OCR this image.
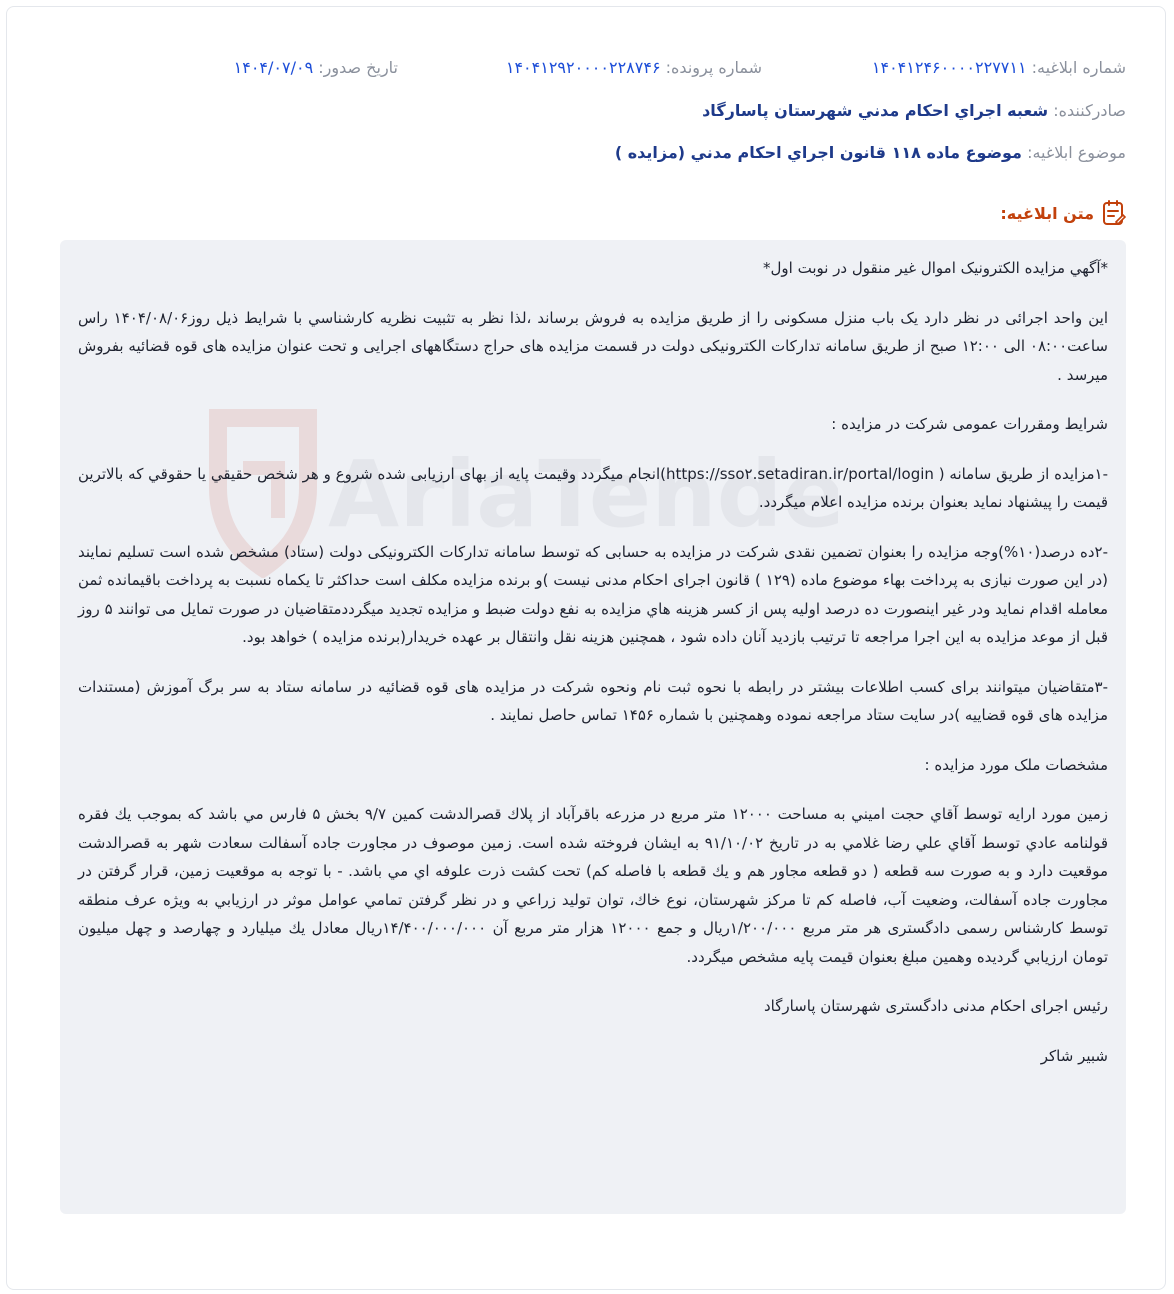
شماره ابلاغیه: ۱۴۰۴۱۲۴۶۰۰۰۰۲۲۷۷۱۱
شماره پرونده: ۱۴۰۴۱۲۹۲۰۰۰۰۲۲۸۷۴۶
تاریخ صدور: ۱۴۰۴/۰۷/۰۹
صادرکننده: شعبه اجراي احکام مدني شهرستان پاسارگاد
موضوع ابلاغیه: موضوع ماده ۱۱۸ قانون اجراي احکام مدني (مزایده )
متن ابلاغیه:
AriaTende

*آگهي مزایده الکترونیک اموال غیر منقول در نوبت اول*

این واحد اجرائی در نظر دارد یک باب منزل مسکونی را از طریق مزایده به فروش برساند ،لذا نظر به تثبیت نظریه کارشناسي با شرایط ذیل روز۱۴۰۴/۰۸/۰۶ راس ساعت۰۸:۰۰ الی ۱۲:۰۰ صبح از طریق سامانه تدارکات الکترونیکی دولت در قسمت مزایده های حراج دستگاههای اجرایی و تحت عنوان مزایده های قوه قضائیه بفروش میرسد .

شرایط ومقررات عمومی شرکت در مزایده :

-۱مزایده از طریق سامانه ( https://sso۲.setadiran.ir/portal/login)انجام میگردد وقیمت پایه از بهای ارزیابی شده شروع و هر شخص حقیقي یا حقوقي که بالاترین قیمت را پیشنهاد نماید بعنوان برنده مزایده اعلام میگردد.

-۲ده درصد(۱۰%)وجه مزایده را بعنوان تضمین نقدی شرکت در مزایده به حسابی که توسط سامانه تدارکات الکترونیکی دولت (ستاد) مشخص شده است تسلیم نمایند (در این صورت نیازی به پرداخت بهاء موضوع ماده (۱۲۹ ) قانون اجرای احکام مدنی نیست )و برنده مزایده مکلف است حداکثر تا یکماه نسبت به پرداخت باقیمانده ثمن معامله اقدام نماید ودر غیر اینصورت ده درصد اولیه پس از کسر هزینه هاي مزایده به نفع دولت ضبط و مزایده تجدید میگرددمتقاضیان در صورت تمایل می توانند ۵ روز قبل از موعد مزایده به این اجرا مراجعه تا ترتیب بازدید آنان داده شود ، همچنین هزینه نقل وانتقال بر عهده خریدار(برنده مزایده ) خواهد بود.

-۳متقاضیان میتوانند برای کسب اطلاعات بیشتر در رابطه با نحوه ثبت نام ونحوه شرکت در مزایده های قوه قضائیه در سامانه ستاد به سر برگ آموزش (مستندات مزایده های قوه قضاییه )در سایت ستاد مراجعه نموده وهمچنین با شماره ۱۴۵۶ تماس حاصل نمایند .

مشخصات ملک مورد مزایده :

زمین مورد ارایه توسط آقاي حجت اميني به مساحت ۱۲۰۰۰ متر مربع در مزرعه باقرآباد از پلاك قصرالدشت کمین ۹/۷ بخش ۵ فارس مي باشد که بموجب يك فقره قولنامه عادي توسط آقاي علي رضا غلامي به در تاریخ ۹۱/۱۰/۰۲ به ایشان فروخته شده است. زمین موصوف در مجاورت جاده آسفالت سعادت شهر به قصرالدشت موقعیت دارد و به صورت سه قطعه ( دو قطعه مجاور هم و یك قطعه با فاصله کم) تحت کشت ذرت علوفه اي مي باشد. - با توجه به موقعیت زمین، قرار گرفتن در مجاورت جاده آسفالت، وضعیت آب، فاصله کم تا مرکز شهرستان، نوع خاك، توان تولید زراعي و در نظر گرفتن تمامي عوامل موثر در ارزیابي به ویژه عرف منطقه توسط کارشناس رسمی دادگستری هر متر مربع ۱/۲۰۰/۰۰۰ریال و جمع ۱۲۰۰۰ هزار متر مربع آن ۱۴/۴۰۰/۰۰۰/۰۰۰ریال معادل يك ميليارد و چهارصد و چهل ميليون تومان ارزیابي گردیده وهمين مبلغ بعنوان قيمت پايه مشخص ميگردد.

رئیس اجرای احکام مدنی دادگستری شهرستان پاسارگاد

شبیر شاکر
